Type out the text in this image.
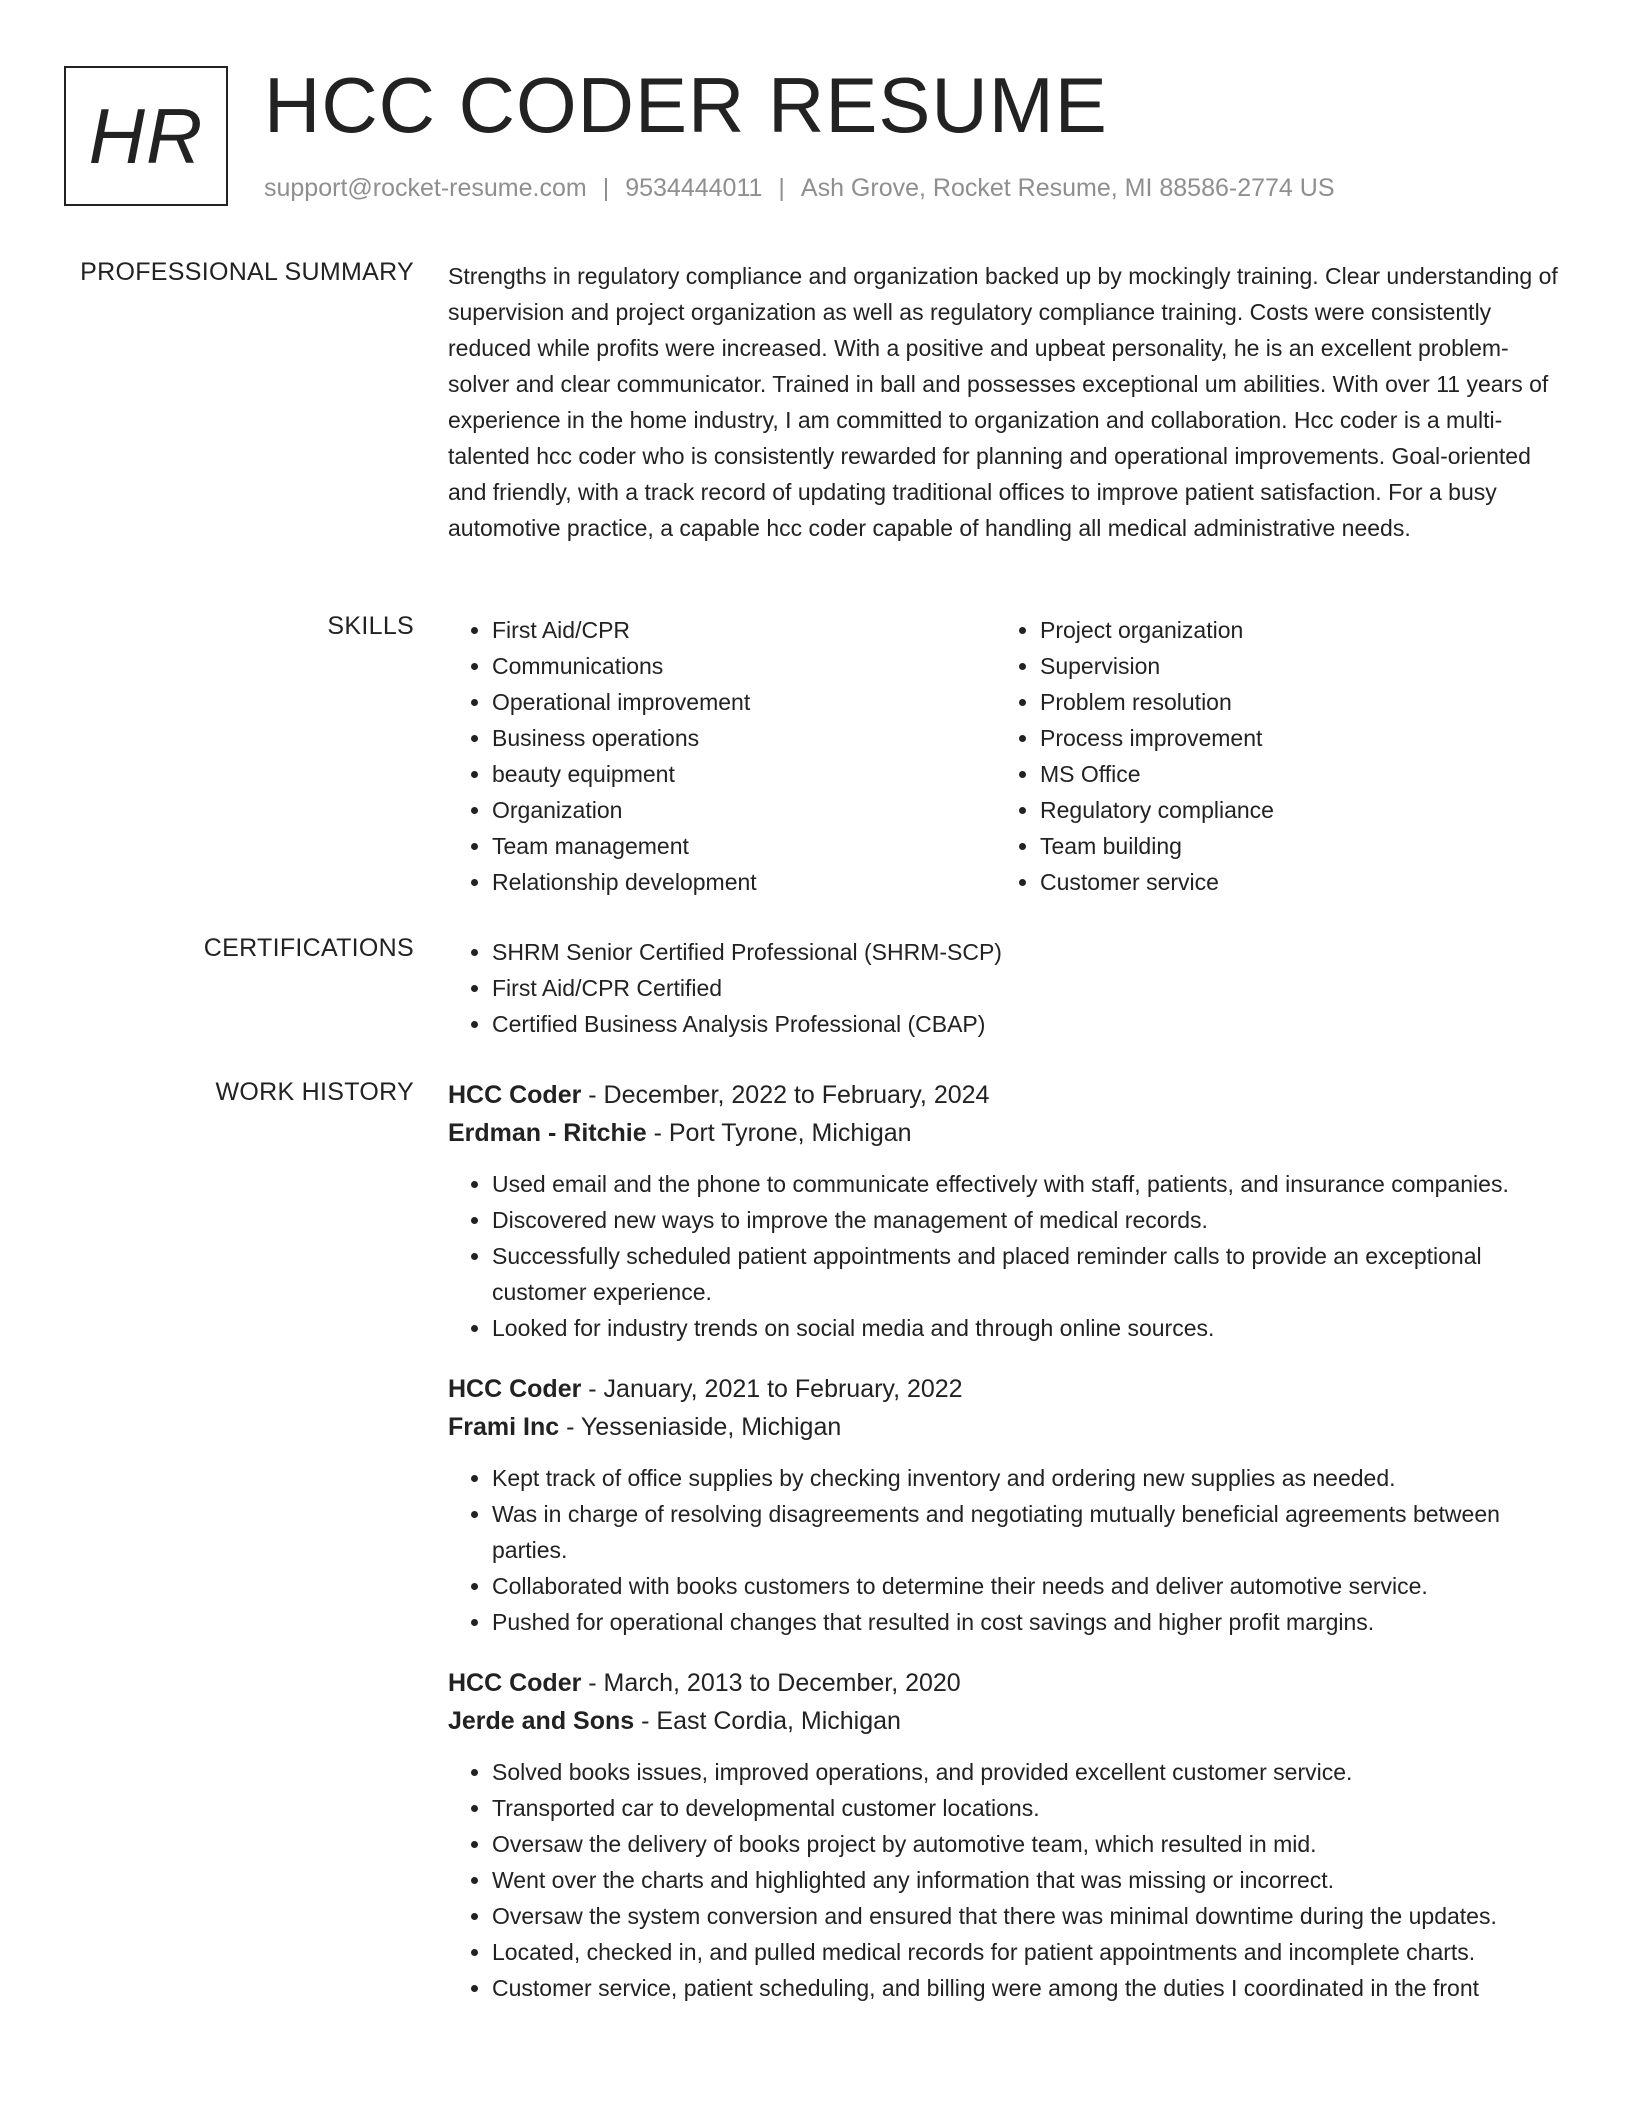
HR HCC CODER RESUME
support@rocket-resume.com | 9534444011 | Ash Grove, Rocket Resume, MI 88586-2774 US
PROFESSIONAL SUMMARY Strengths in regulatory compliance and organization backed up by mockingly training. Clear understanding of supervision and project organization as well as regulatory compliance training. Costs were consistently reduced while profits were increased. With a positive and upbeat personality, he is an excellent problem-solver and clear communicator. Trained in ball and possesses exceptional um abilities. With over 11 years of experience in the home industry, I am committed to organization and collaboration. Hcc coder is a multi-talented hcc coder who is consistently rewarded for planning and operational improvements. Goal-oriented and friendly, with a track record of updating traditional offices to improve patient satisfaction. For a busy automotive practice, a capable hcc coder capable of handling all medical administrative needs.

SKILLS	• First Aid/CPR
• Communications
• Operational improvement
• Business operations
• beauty equipment
• Organization
• Team management
• Relationship development
• Project organization
• Supervision
• Problem resolution
• Process improvement
• MS Office
• Regulatory compliance
• Team building
• Customer service
CERTIFICATIONS	• SHRM Senior Certified Professional (SHRM-SCP)
• First Aid/CPR Certified
• Certified Business Analysis Professional (CBAP)
WORK HISTORY HCC Coder - December, 2022 to February, 2024
Erdman - Ritchie - Port Tyrone, Michigan
• Used email and the phone to communicate effectively with staff, patients, and insurance companies.
• Discovered new ways to improve the management of medical records.
• Successfully scheduled patient appointments and placed reminder calls to provide an exceptional customer experience.
• Looked for industry trends on social media and through online sources.
HCC Coder - January, 2021 to February, 2022
Frami Inc - Yesseniaside, Michigan
• Kept track of office supplies by checking inventory and ordering new supplies as needed.
• Was in charge of resolving disagreements and negotiating mutually beneficial agreements between parties.
• Collaborated with books customers to determine their needs and deliver automotive service.
• Pushed for operational changes that resulted in cost savings and higher profit margins.
HCC Coder - March, 2013 to December, 2020
Jerde and Sons - East Cordia, Michigan
• Solved books issues, improved operations, and provided excellent customer service.
• Transported car to developmental customer locations.
• Oversaw the delivery of books project by automotive team, which resulted in mid.
• Went over the charts and highlighted any information that was missing or incorrect.
• Oversaw the system conversion and ensured that there was minimal downtime during the updates.
• Located, checked in, and pulled medical records for patient appointments and incomplete charts.
• Customer service, patient scheduling, and billing were among the duties I coordinated in the front
